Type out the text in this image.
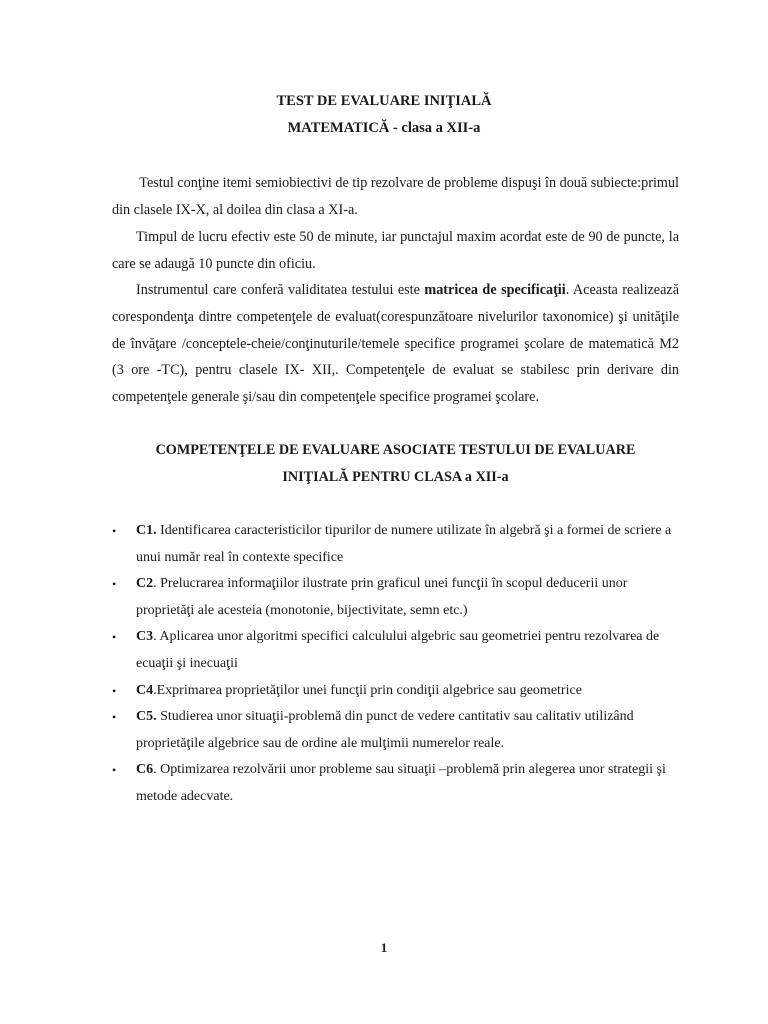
TEST DE EVALUARE INIŢIALĂ
MATEMATICĂ - clasa a XII-a
Testul conţine itemi semiobiectivi de tip rezolvare de probleme dispuşi în două subiecte:primul din clasele IX-X, al doilea din clasa a XI-a.
Timpul de lucru efectiv este 50 de minute, iar punctajul maxim acordat este de 90 de puncte, la care se adaugă 10 puncte din oficiu.
Instrumentul care conferă validitatea testului este matricea de specificaţii. Aceasta realizează corespondenţa dintre competenţele de evaluat(corespunzătoare nivelurilor taxonomice) şi unităţile de învăţare /conceptele-cheie/conţinuturile/temele specifice programei şcolare de matematică M2 (3 ore -TC), pentru clasele IX- XII,. Competenţele de evaluat se stabilesc prin derivare din competenţele generale şi/sau din competenţele specifice programei şcolare.
COMPETENŢELE DE EVALUARE ASOCIATE TESTULUI DE EVALUARE
INIŢIALĂ PENTRU CLASA a XII-a
• C1. Identificarea caracteristicilor tipurilor de numere utilizate în algebră şi a formei de scriere a unui număr real în contexte specifice
• C2. Prelucrarea informaţiilor ilustrate prin graficul unei funcţii în scopul deducerii unor proprietăţi ale acesteia (monotonie, bijectivitate, semn etc.)
• C3. Aplicarea unor algoritmi specifici calculului algebric sau geometriei pentru rezolvarea de ecuaţii şi inecuaţii
• C4.Exprimarea proprietăţilor unei funcţii prin condiţii algebrice sau geometrice
• C5. Studierea unor situaţii-problemă din punct de vedere cantitativ sau calitativ utilizând proprietăţile algebrice sau de ordine ale mulţimii numerelor reale.
• C6. Optimizarea rezolvării unor probleme sau situaţii –problemă prin alegerea unor strategii şi metode adecvate.
1
